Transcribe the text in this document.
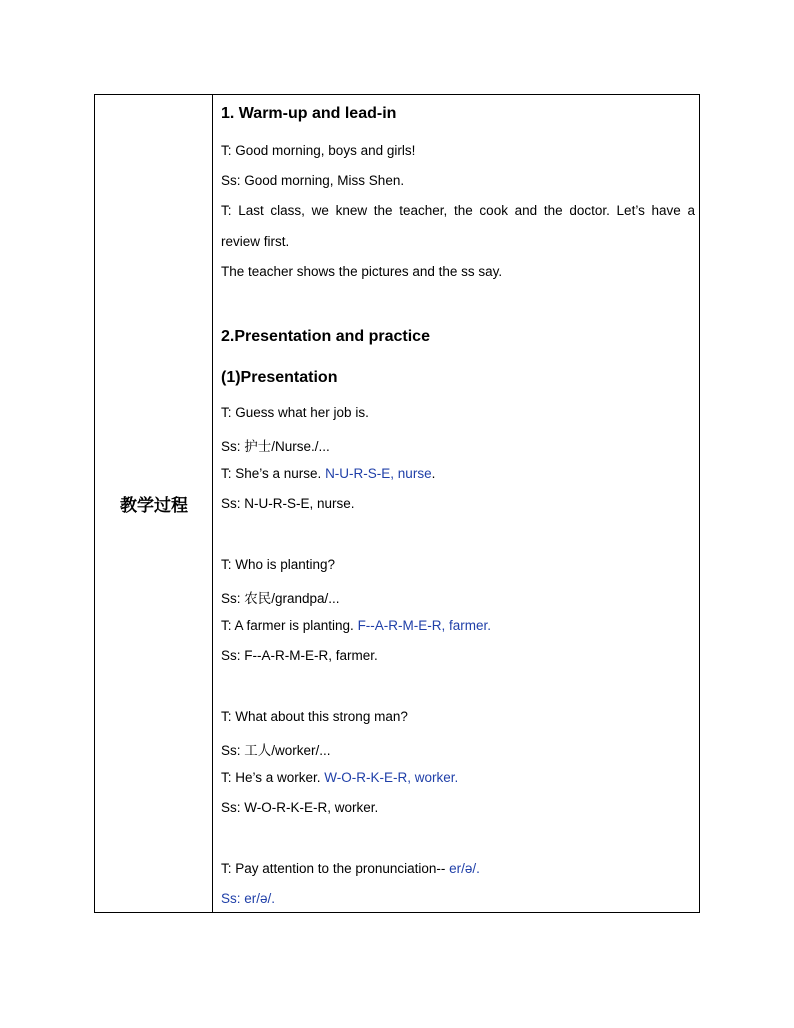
教学过程
1. Warm-up and lead-in
T: Good morning, boys and girls!
Ss: Good morning, Miss Shen.
T: Last class, we knew the teacher, the cook and the doctor. Let’s have a
review first.
The teacher shows the pictures and the ss say.
2.Presentation and practice
(1)Presentation
T: Guess what her job is.
Ss: 护士/Nurse./...
T: She’s a nurse. N-U-R-S-E, nurse.
Ss: N-U-R-S-E, nurse.
T: Who is planting?
Ss: 农民/grandpa/...
T: A farmer is planting. F--A-R-M-E-R, farmer.
Ss: F--A-R-M-E-R, farmer.
T: What about this strong man?
Ss: 工人/worker/...
T: He’s a worker. W-O-R-K-E-R, worker.
Ss: W-O-R-K-E-R, worker.
T: Pay attention to the pronunciation-- er/ə/.
Ss: er/ə/.
